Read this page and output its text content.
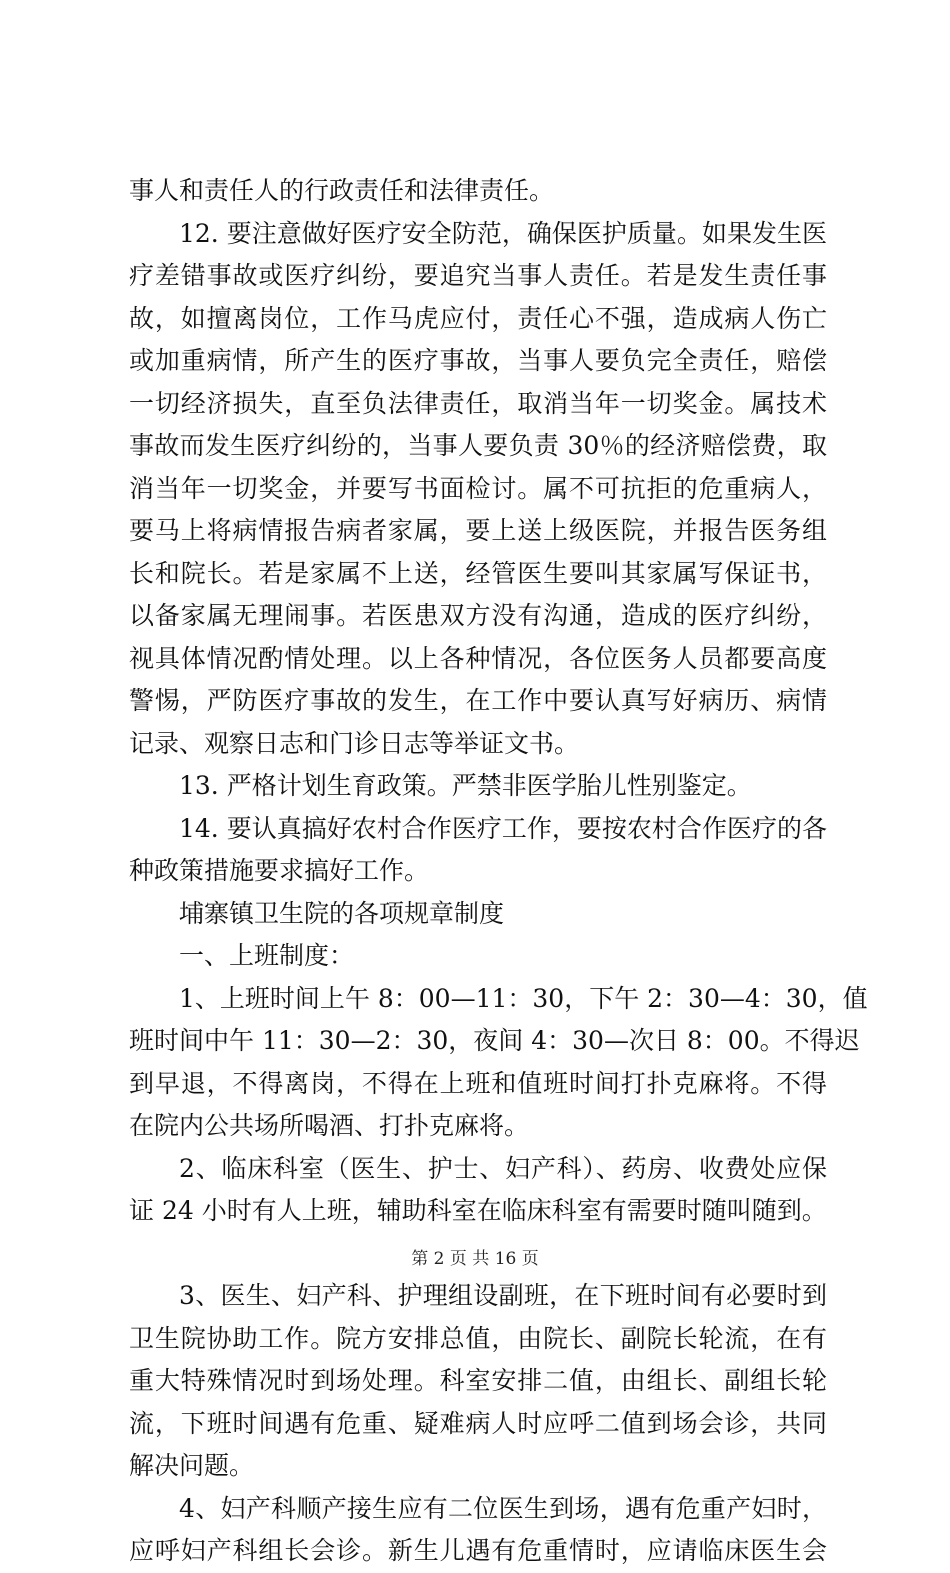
事人和责任人的行政责任和法律责任。
12. 要注意做好医疗安全防范，确保医护质量。如果发生医
疗差错事故或医疗纠纷，要追究当事人责任。若是发生责任事
故，如擅离岗位，工作马虎应付，责任心不强，造成病人伤亡
或加重病情，所产生的医疗事故，当事人要负完全责任，赔偿
一切经济损失，直至负法律责任，取消当年一切奖金。属技术
事故而发生医疗纠纷的，当事人要负责 30％的经济赔偿费，取
消当年一切奖金，并要写书面检讨。属不可抗拒的危重病人，
要马上将病情报告病者家属，要上送上级医院，并报告医务组
长和院长。若是家属不上送，经管医生要叫其家属写保证书，
以备家属无理闹事。若医患双方没有沟通，造成的医疗纠纷，
视具体情况酌情处理。以上各种情况，各位医务人员都要高度
警惕，严防医疗事故的发生，在工作中要认真写好病历、病情
记录、观察日志和门诊日志等举证文书。
13. 严格计划生育政策。严禁非医学胎儿性别鉴定。
14. 要认真搞好农村合作医疗工作，要按农村合作医疗的各
种政策措施要求搞好工作。
埔寨镇卫生院的各项规章制度
一、上班制度：
1、上班时间上午 8：00—11：30，下午 2：30—4：30，值
班时间中午 11：30—2：30，夜间 4：30—次日 8：00。不得迟
到早退，不得离岗，不得在上班和值班时间打扑克麻将。不得
在院内公共场所喝酒、打扑克麻将。
2、临床科室（医生、护士、妇产科）、药房、收费处应保
证 24 小时有人上班，辅助科室在临床科室有需要时随叫随到。
3、医生、妇产科、护理组设副班，在下班时间有必要时到
卫生院协助工作。院方安排总值，由院长、副院长轮流，在有
重大特殊情况时到场处理。科室安排二值，由组长、副组长轮
流，下班时间遇有危重、疑难病人时应呼二值到场会诊，共同
解决问题。
4、妇产科顺产接生应有二位医生到场，遇有危重产妇时，
应呼妇产科组长会诊。新生儿遇有危重情时，应请临床医生会
第 2 页 共 16 页
